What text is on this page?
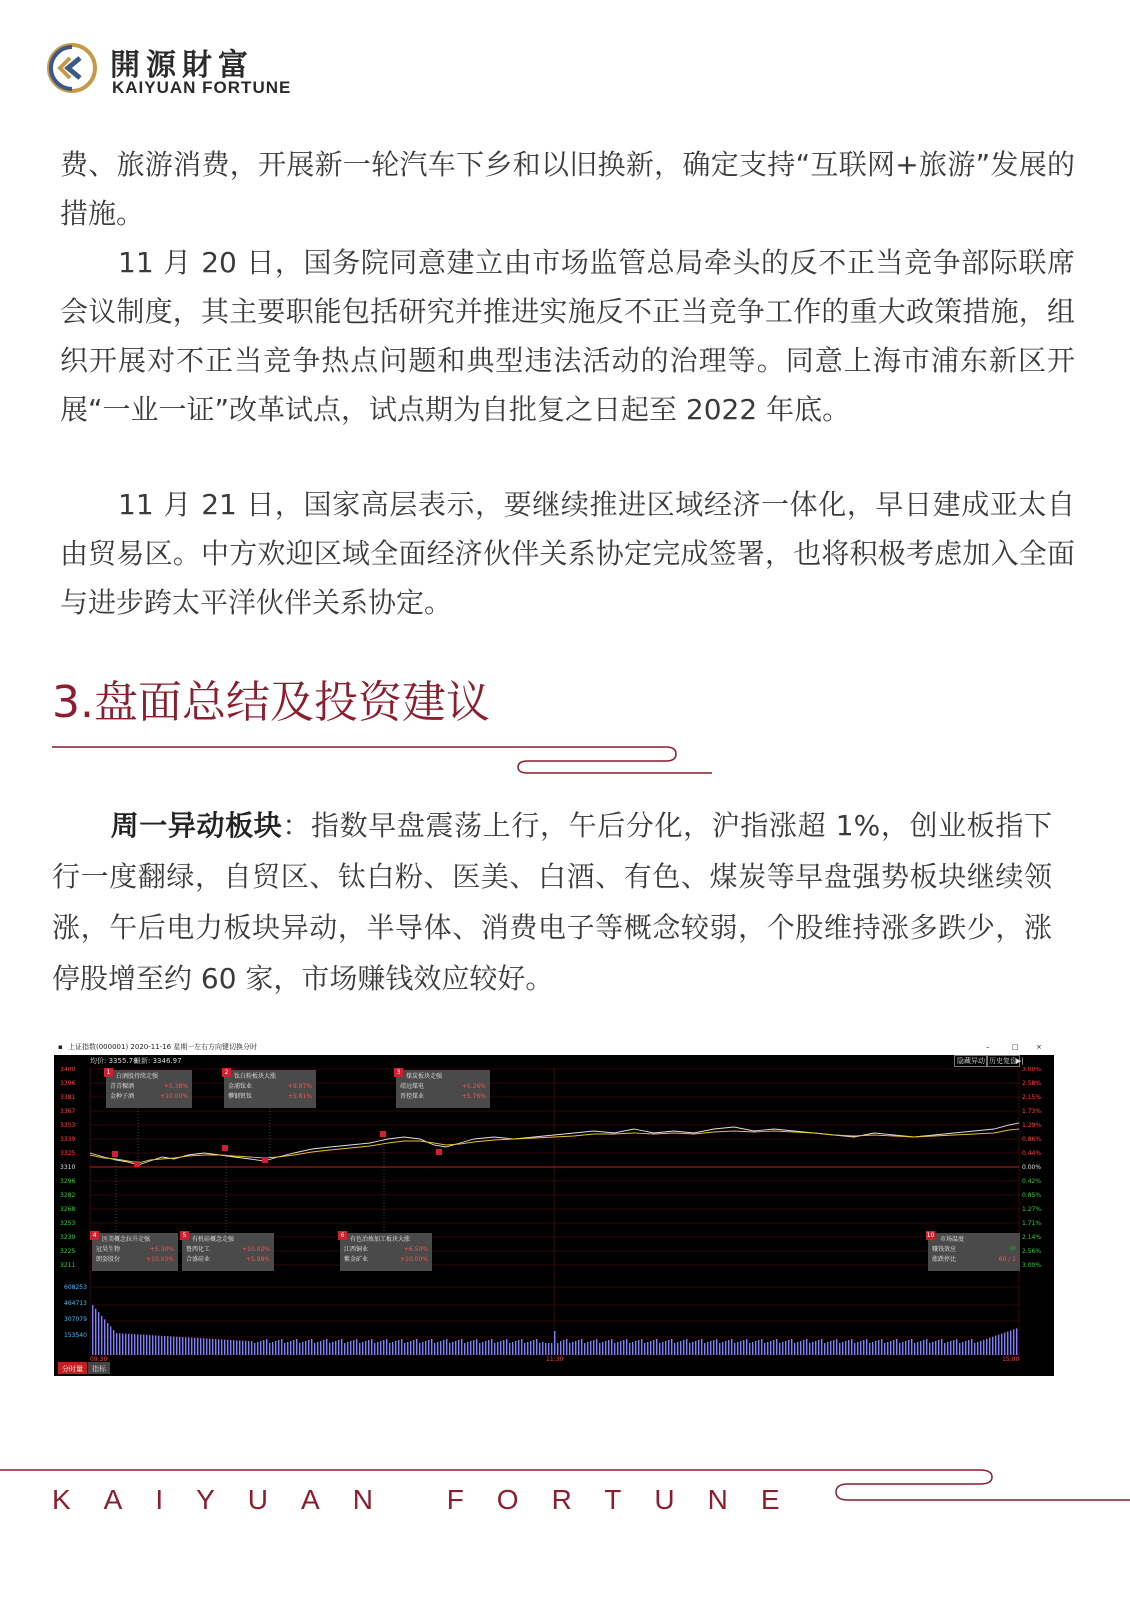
開源財富
KAIYUAN FORTUNE
费、旅游消费，开展新一轮汽车下乡和以旧换新，确定支持“互联网+旅游”发展的措施。
11 月 20 日，国务院同意建立由市场监管总局牵头的反不正当竞争部际联席会议制度，其主要职能包括研究并推进实施反不正当竞争工作的重大政策措施，组织开展对不正当竞争热点问题和典型违法活动的治理等。同意上海市浦东新区开展“一业一证”改革试点，试点期为自批复之日起至 2022 年底。
11 月 21 日，国家高层表示，要继续推进区域经济一体化，早日建成亚太自由贸易区。中方欢迎区域全面经济伙伴关系协定完成签署，也将积极考虑加入全面与进步跨太平洋伙伴关系协定。
3.盘面总结及投资建议
周一异动板块：指数早盘震荡上行，午后分化，沪指涨超 1%，创业板指下行一度翻绿，自贸区、钛白粉、医美、白酒、有色、煤炭等早盘强势板块继续领涨，午后电力板块异动，半导体、消费电子等概念较弱，个股维持涨多跌少，涨停股增至约 60 家，市场赚钱效应较好。
▪ 上证指数(000001) 2020-11-16 星期一 左右方向键切换分时	–	□ ×
均价: 3355.78
最新: 3346.97	隐藏异动 历史复盘 ▶|
3400
3396
3381
3367
3353
3339
3325
3310
3296
3282
3268
3253
3239
3225
3211
3.00%
2.58%
2.15%
1.73%
1.29%
0.86%
0.44%
0.00%
0.42%
0.85%
1.27%
1.71%
2.14%
2.56%
3.00%
608253
464713
307079
153540
09:30	11:30	15:00
1
白酒股持续走强
青青稞酒	+5.38%
金种子酒	+10.00%
2
钛白粉板块大涨
金浦钛业	+9.97%
攀钢钒钛	+5.81%
3
煤炭板块走强
靖远煤电	+5.26%
晋控煤业	+5.76%
4
医美概念拉升走强
冠昊生物	+5.30%
朗姿股份	+10.03%
5
有机硅概念走强
鲁西化工	+10.02%
合盛硅业	+1.98%
6
有色冶炼加工板块大涨
江西铜业	+6.50%
紫金矿业	+10.00%
10
市场温度
赚钱效应	中
涨跌停比	60 / 1
分时量	指标
KAIYUAN FORTUNE
